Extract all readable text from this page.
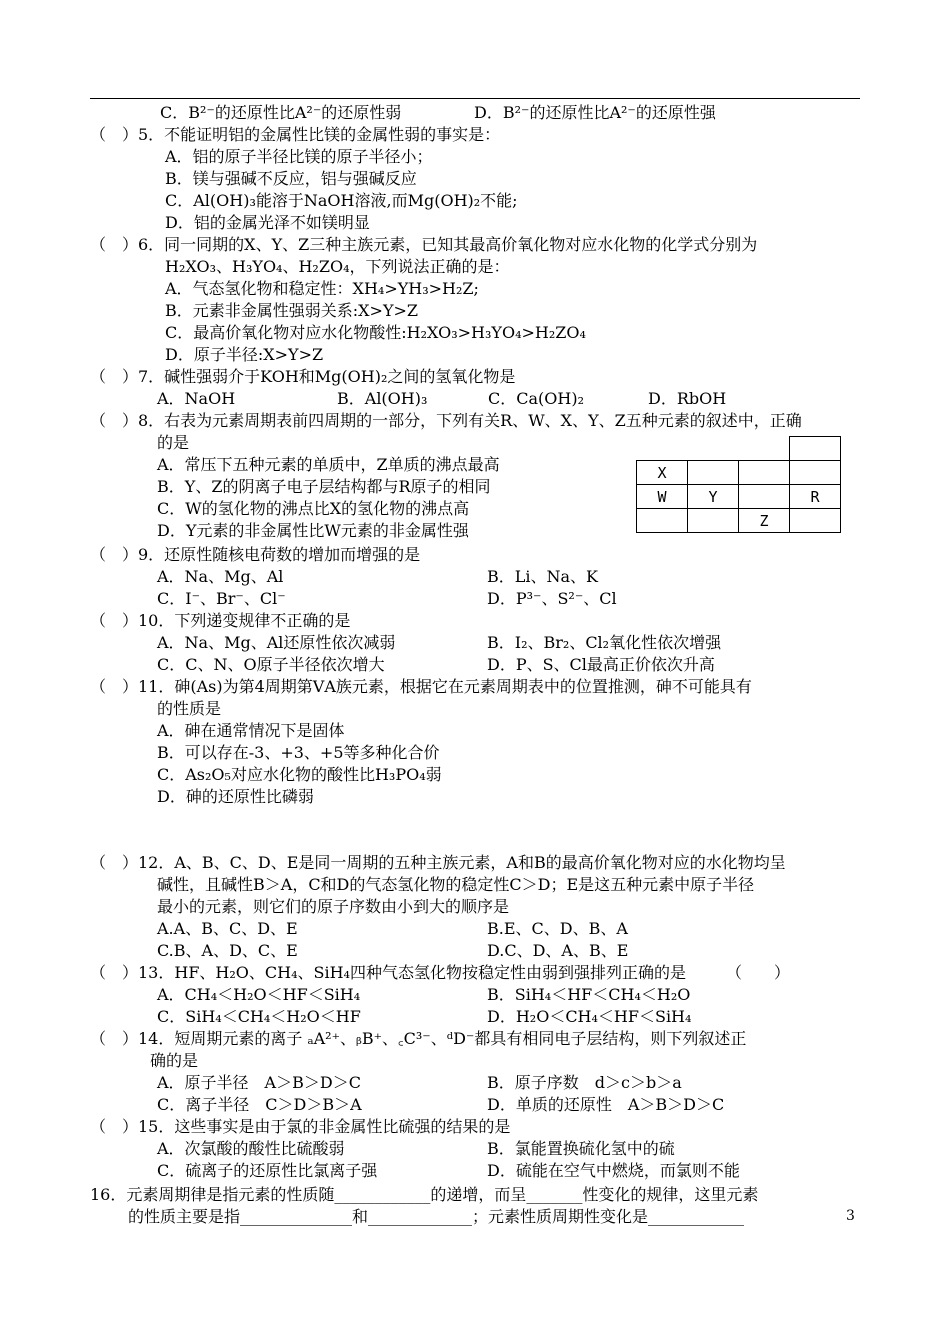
C．B²⁻的还原性比A²⁻的还原性弱	D．B²⁻的还原性比A²⁻的还原性强
（　）5．不能证明铝的金属性比镁的金属性弱的事实是：
A．铝的原子半径比镁的原子半径小；
B．镁与强碱不反应，铝与强碱反应
C．Al(OH)₃能溶于NaOH溶液,而Mg(OH)₂不能;
D．铝的金属光泽不如镁明显
（　）6．同一同期的X、Y、Z三种主族元素，已知其最高价氧化物对应水化物的化学式分别为
H₂XO₃、H₃YO₄、H₂ZO₄，下列说法正确的是：
A．气态氢化物和稳定性：XH₄>YH₃>H₂Z;
B．元素非金属性强弱关系:X>Y>Z
C．最高价氧化物对应水化物酸性:H₂XO₃>H₃YO₄>H₂ZO₄
D．原子半径:X>Y>Z
（　）7．碱性强弱介于KOH和Mg(OH)₂之间的氢氧化物是
A．NaOH	B．Al(OH)₃	C．Ca(OH)₂	D．RbOH
（　）8．右表为元素周期表前四周期的一部分，下列有关R、W、X、Y、Z五种元素的叙述中，正确
的是
A．常压下五种元素的单质中，Z单质的沸点最高
B．Y、Z的阴离子电子层结构都与R原子的相同
C．W的氢化物的沸点比X的氢化物的沸点高
D．Y元素的非金属性比W元素的非金属性强

X			
W	Y		R
		Z	
（　）9．还原性随核电荷数的增加而增强的是
A．Na、Mg、Al	B．Li、Na、K
C．I⁻、Br⁻、Cl⁻	D．P³⁻、S²⁻、Cl
（　）10．下列递变规律不正确的是
A．Na、Mg、Al还原性依次减弱	B．I₂、Br₂、Cl₂氧化性依次增强
C．C、N、O原子半径依次增大	D．P、S、Cl最高正价依次升高
（　）11．砷(As)为第4周期第ⅤA族元素，根据它在元素周期表中的位置推测，砷不可能具有
的性质是
A．砷在通常情况下是固体
B．可以存在-3、+3、+5等多种化合价
C．As₂O₅对应水化物的酸性比H₃PO₄弱
D．砷的还原性比磷弱
（　）12．A、B、C、D、E是同一周期的五种主族元素，A和B的最高价氧化物对应的水化物均呈
碱性，且碱性B＞A，C和D的气态氢化物的稳定性C＞D；E是这五种元素中原子半径
最小的元素，则它们的原子序数由小到大的顺序是
A.A、B、C、D、E	B.E、C、D、B、A
C.B、A、D、C、E	D.C、D、A、B、E
（　）13．HF、H₂O、CH₄、SiH₄四种气态氢化物按稳定性由弱到强排列正确的是　　　（　　）
A．CH₄＜H₂O＜HF＜SiH₄	B．SiH₄＜HF＜CH₄＜H₂O
C．SiH₄＜CH₄＜H₂O＜HF	D．H₂O＜CH₄＜HF＜SiH₄
（　）14．短周期元素的离子 ₐA²⁺、ᵦB⁺、꜀C³⁻、ᵈD⁻都具有相同电子层结构，则下列叙述正
确的是
A．原子半径　A＞B＞D＞C	B．原子序数　d＞c＞b＞a
C．离子半径　C＞D＞B＞A	D．单质的还原性　A＞B＞D＞C
（　）15．这些事实是由于氯的非金属性比硫强的结果的是
A．次氯酸的酸性比硫酸弱	B．氯能置换硫化氢中的硫
C．硫离子的还原性比氯离子强	D．硫能在空气中燃烧，而氯则不能
16．元素周期律是指元素的性质随____________的递增，而呈_______性变化的规律，这里元素
的性质主要是指______________和_____________；元素性质周期性变化是____________	3
